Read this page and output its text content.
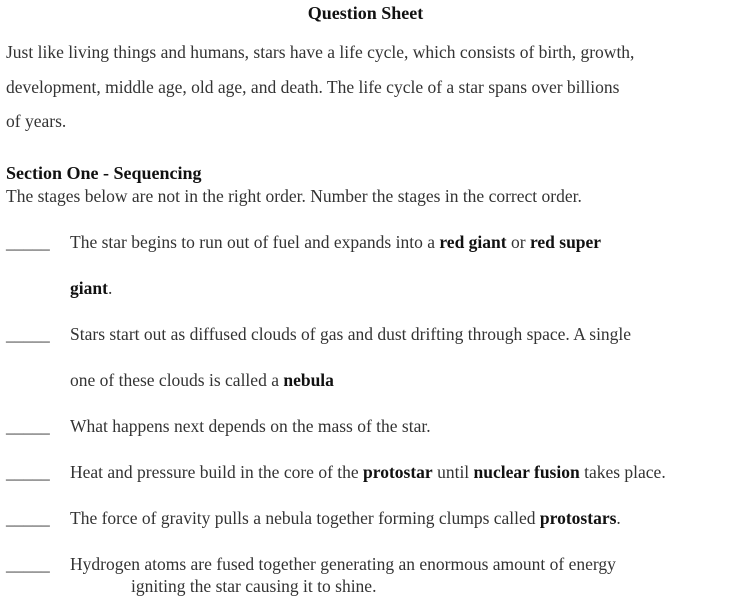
Question Sheet
Just like living things and humans, stars have a life cycle, which consists of birth, growth,
development, middle age, old age, and death. The life cycle of a star spans over billions
of years.
Section One - Sequencing
The stages below are not in the right order. Number the stages in the correct order.
_____ The star begins to run out of fuel and expands into a red giant or red super
giant.
_____ Stars start out as diffused clouds of gas and dust drifting through space. A single
one of these clouds is called a nebula
_____ What happens next depends on the mass of the star.
_____ Heat and pressure build in the core of the protostar until nuclear fusion takes place.
_____ The force of gravity pulls a nebula together forming clumps called protostars.
_____ Hydrogen atoms are fused together generating an enormous amount of energy
igniting the star causing it to shine.
